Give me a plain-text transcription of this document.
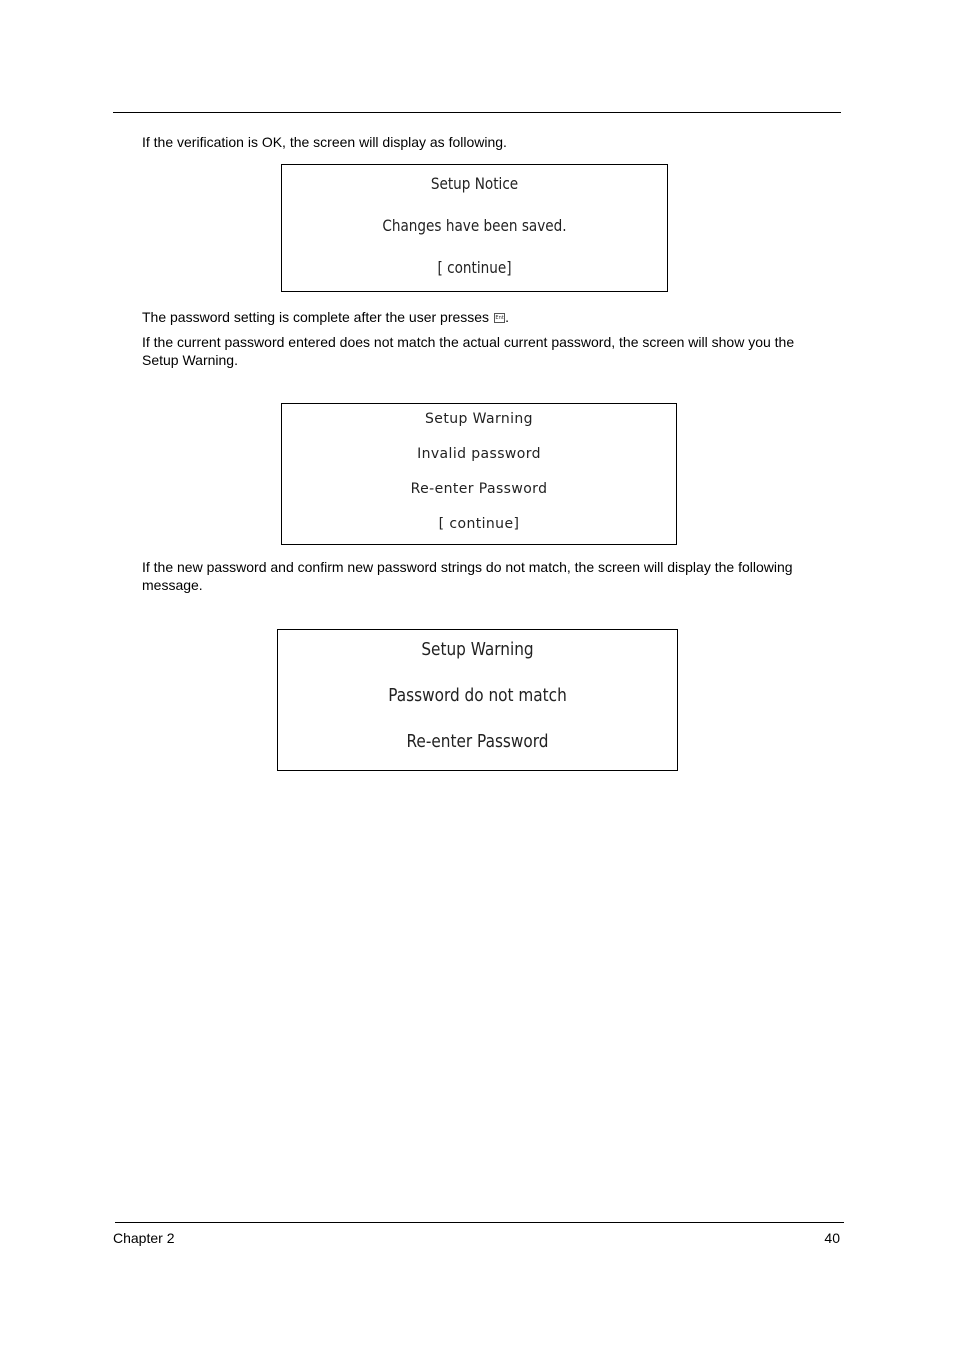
If the verification is OK, the screen will display as following.
Setup Notice
Changes have been saved.
[ continue]
The password setting is complete after the user presses Ent .
If the current password entered does not match the actual current password, the screen will show you the Setup Warning.
Setup Warning
Invalid password
Re-enter Password
[ continue]
If the new password and confirm new password strings do not match, the screen will display the following message.
Setup Warning
Password do not match
Re-enter Password
Chapter 2	40
